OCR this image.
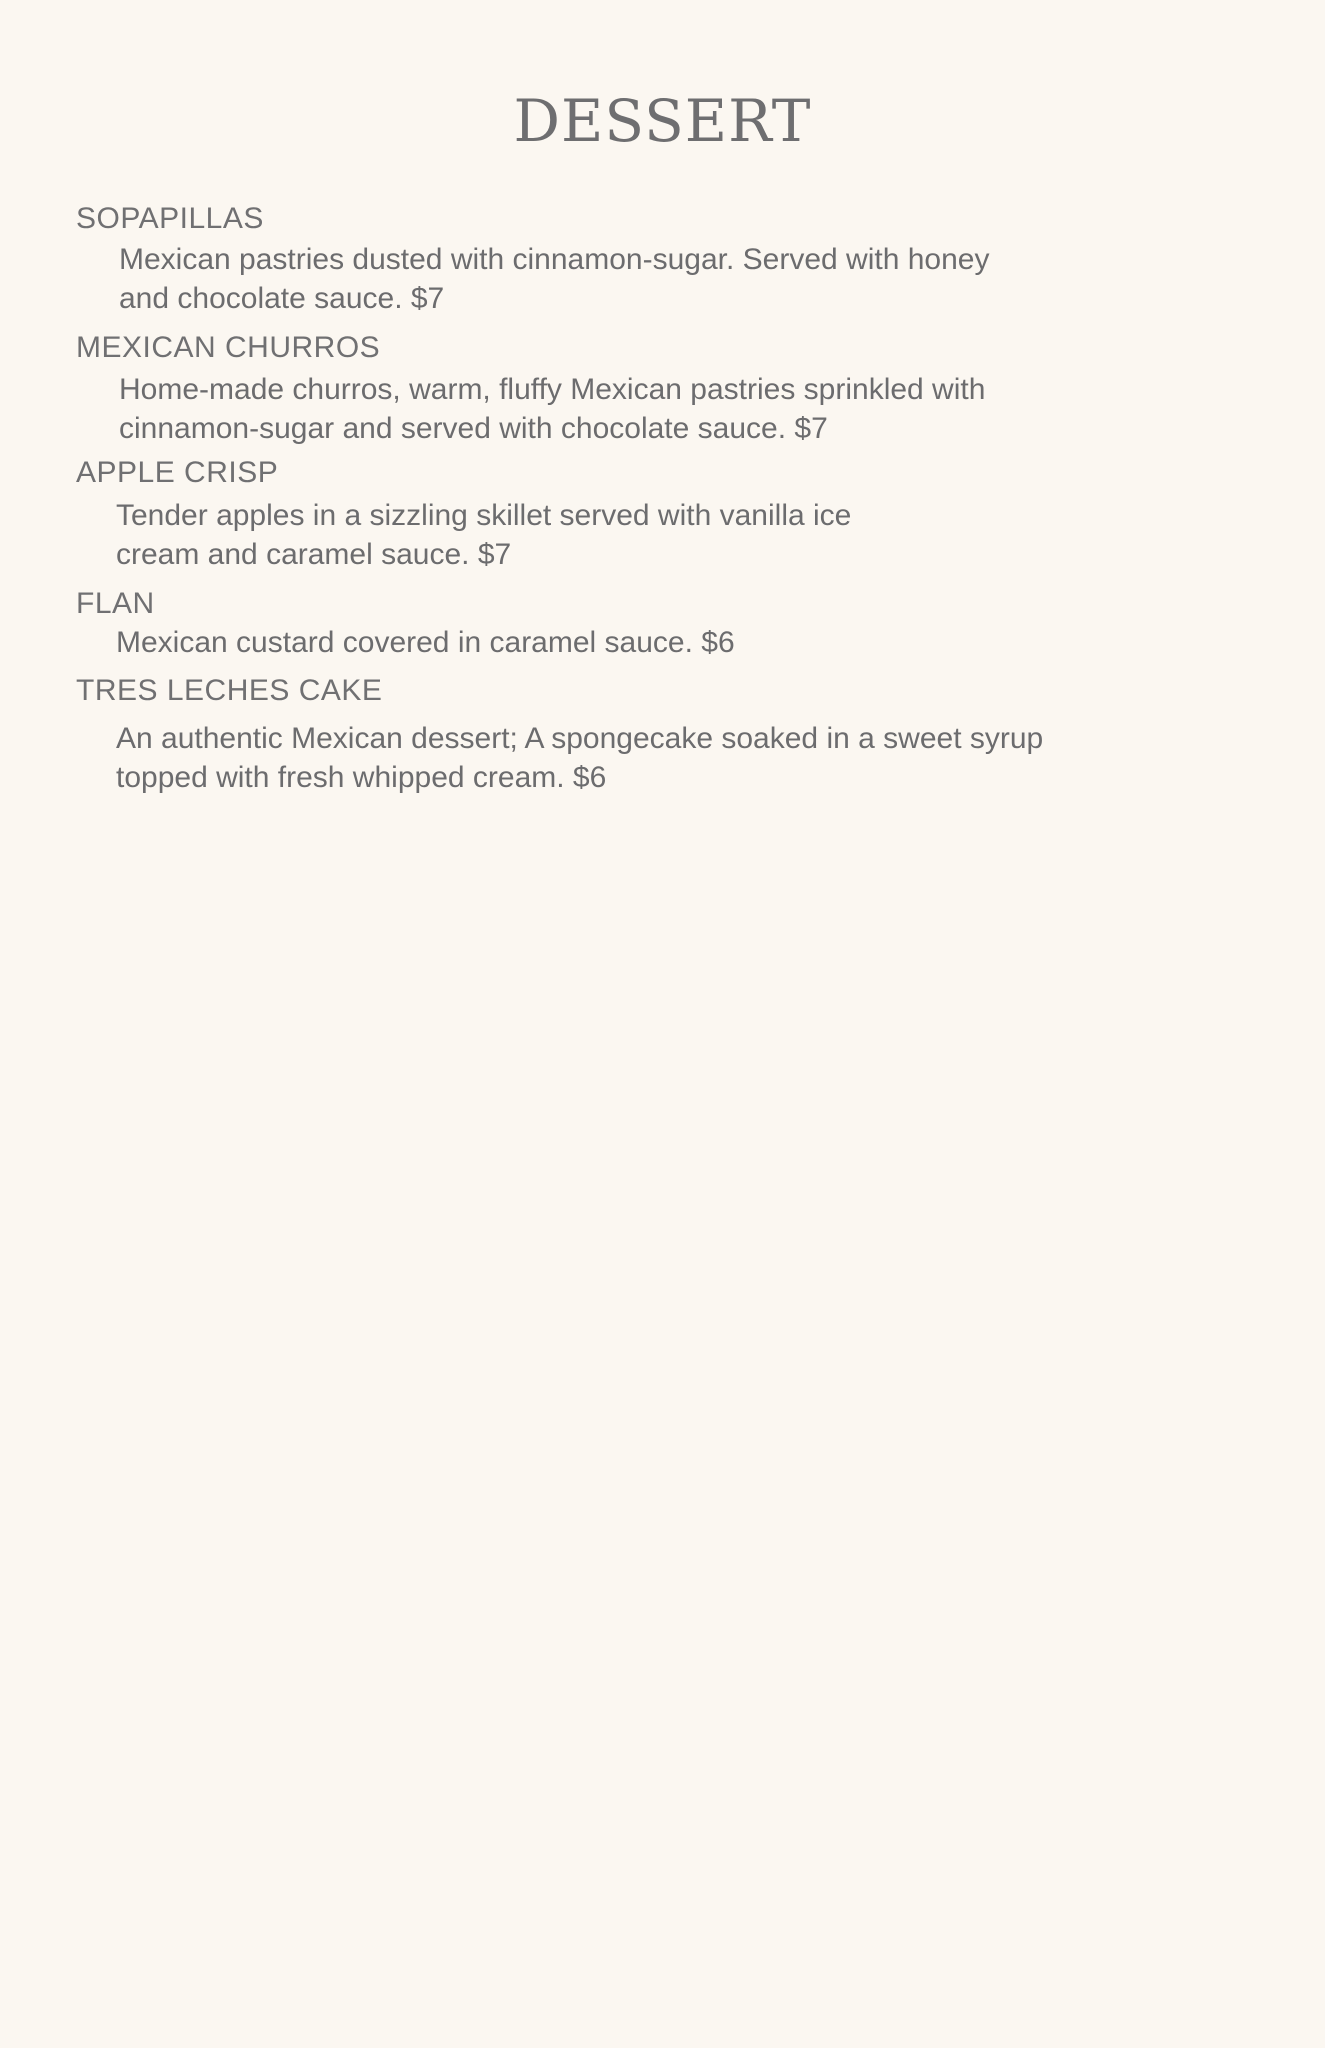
DESSERT
SOPAPILLAS
Mexican pastries dusted with cinnamon-sugar. Served with honey
and chocolate sauce. $7
MEXICAN CHURROS
Home-made churros, warm, fluffy Mexican pastries sprinkled with
cinnamon-sugar and served with chocolate sauce. $7
APPLE CRISP
Tender apples in a sizzling skillet served with vanilla ice
cream and caramel sauce. $7
FLAN
Mexican custard covered in caramel sauce. $6
TRES LECHES CAKE
An authentic Mexican dessert; A spongecake soaked in a sweet syrup
topped with fresh whipped cream. $6
